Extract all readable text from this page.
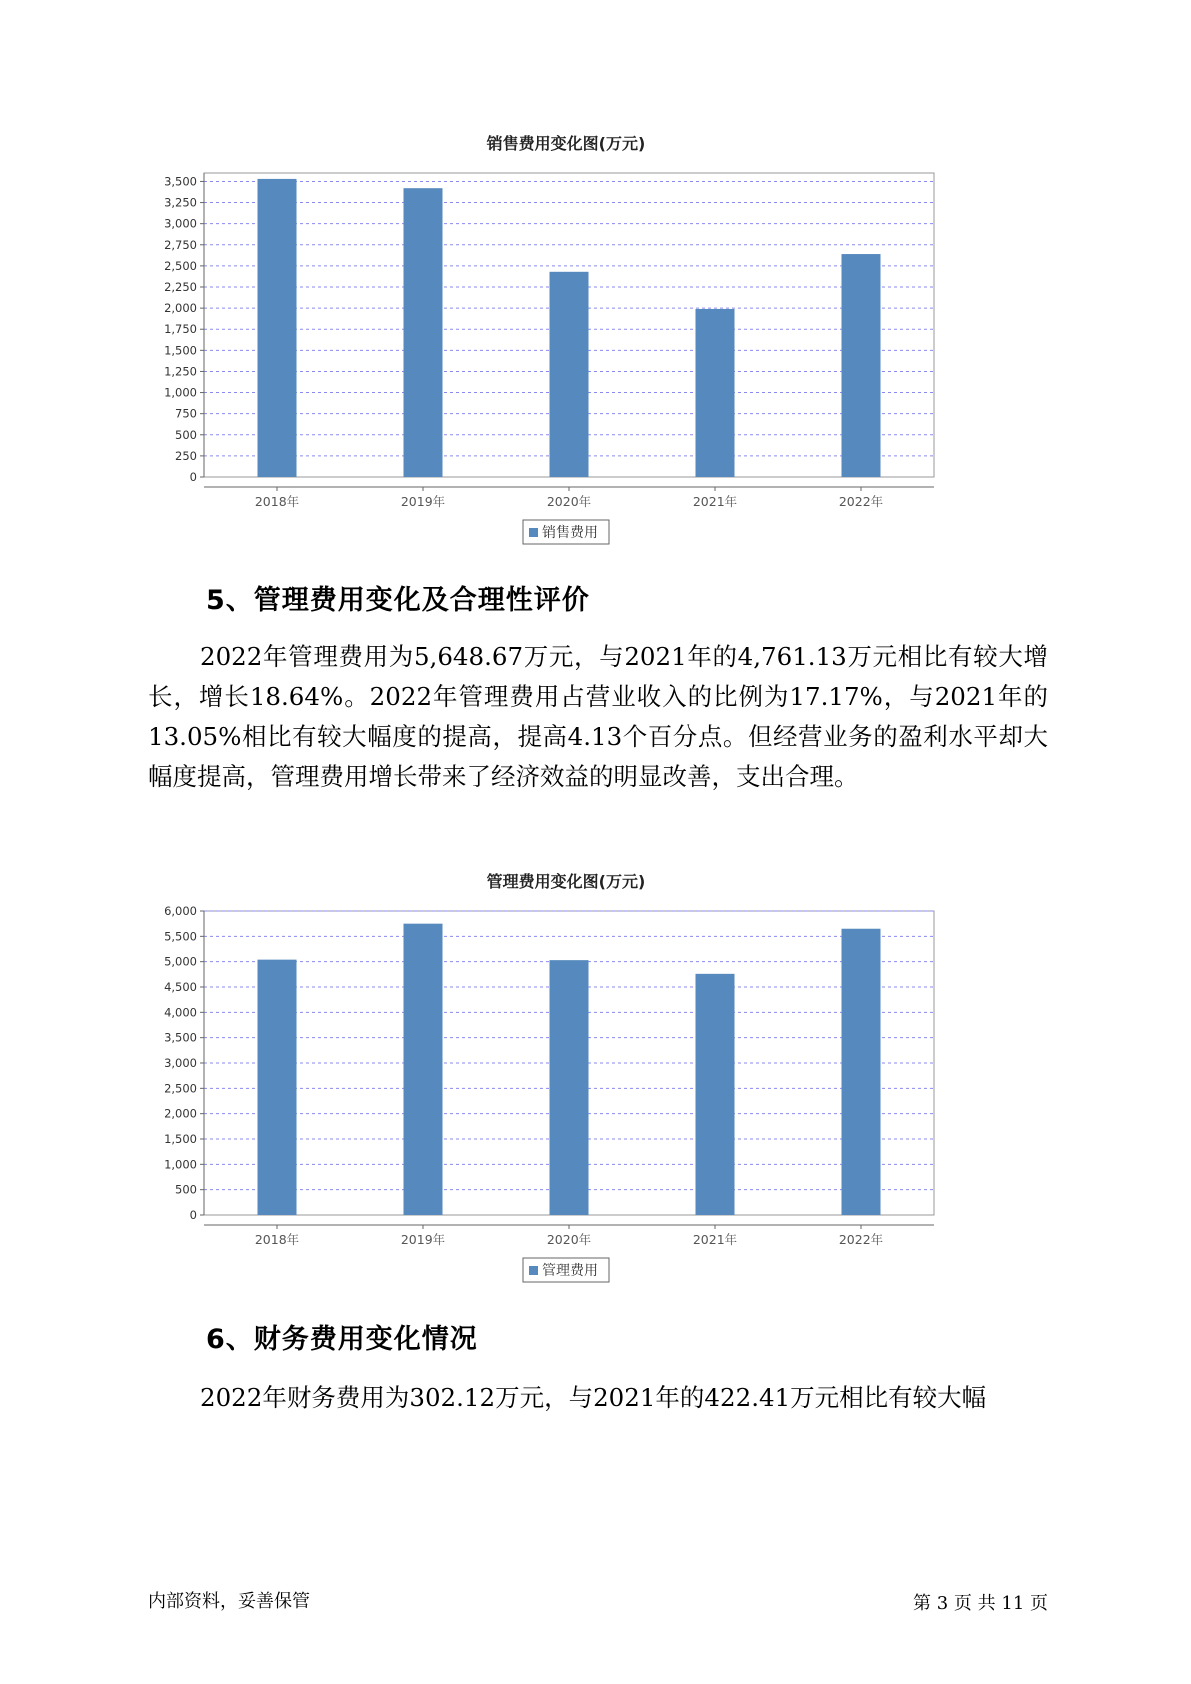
销售费用变化图(万元)
0
250
500
750
1,000
1,250
1,500
1,750
2,000
2,250
2,500
2,750
3,000
3,250
3,500
2018年	2019年	2020年	2021年	2022年
销售费用
5、管理费用变化及合理性评价

2022年管理费用为5,648.67万元，与2021年的4,761.13万元相比有较大增长，增长18.64%。2022年管理费用占营业收入的比例为17.17%，与2021年的13.05%相比有较大幅度的提高，提高4.13个百分点。但经营业务的盈利水平却大幅度提高，管理费用增长带来了经济效益的明显改善，支出合理。

管理费用变化图(万元)
0
500
1,000
1,500
2,000
2,500
3,000
3,500
4,000
4,500
5,000
5,500
6,000
2018年	2019年	2020年	2021年	2022年
管理费用
6、财务费用变化情况

2022年财务费用为302.12万元，与2021年的422.41万元相比有较大幅

内部资料，妥善保管	第 3 页 共 11 页
